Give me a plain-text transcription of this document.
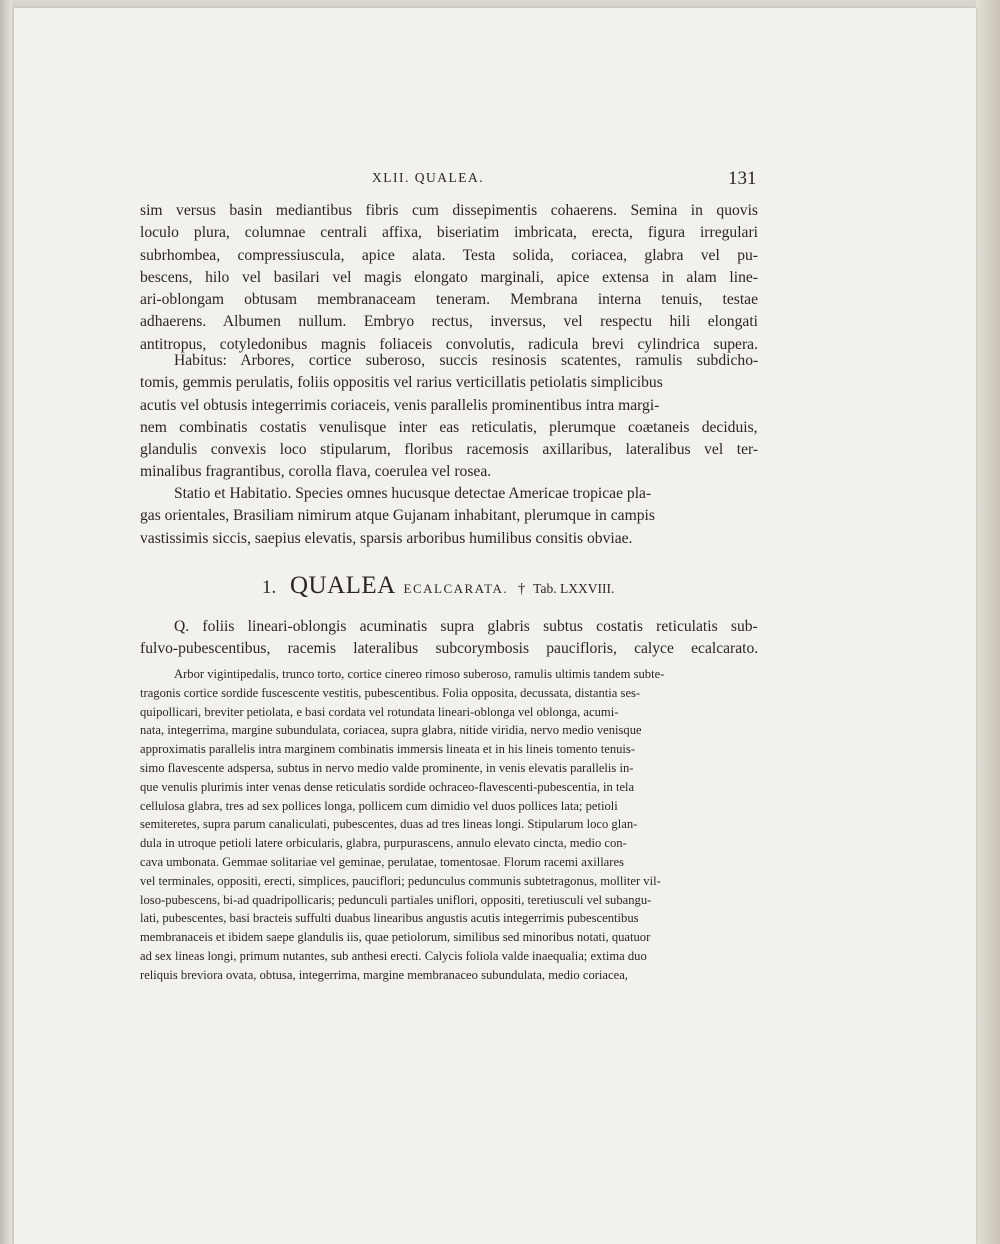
XLII. QUALEA.	131
sim versus basin mediantibus fibris cum dissepimentis cohaerens. Semina in quovis
loculo plura, columnae centrali affixa, biseriatim imbricata, erecta, figura irregulari
subrhombea, compressiuscula, apice alata. Testa solida, coriacea, glabra vel pu-
bescens, hilo vel basilari vel magis elongato marginali, apice extensa in alam line-
ari-oblongam obtusam membranaceam teneram. Membrana interna tenuis, testae
adhaerens. Albumen nullum. Embryo rectus, inversus, vel respectu hili elongati
antitropus, cotyledonibus magnis foliaceis convolutis, radicula brevi cylindrica supera.
Habitus: Arbores, cortice suberoso, succis resinosis scatentes, ramulis subdicho-
tomis, gemmis perulatis, foliis oppositis vel rarius verticillatis petiolatis simplicibus
acutis vel obtusis integerrimis coriaceis, venis parallelis prominentibus intra margi-
nem combinatis costatis venulisque inter eas reticulatis, plerumque coætaneis deciduis,
glandulis convexis loco stipularum, floribus racemosis axillaribus, lateralibus vel ter-
minalibus fragrantibus, corolla flava, coerulea vel rosea.
Statio et Habitatio. Species omnes hucusque detectae Americae tropicae pla-
gas orientales, Brasiliam nimirum atque Gujanam inhabitant, plerumque in campis
vastissimis siccis, saepius elevatis, sparsis arboribus humilibus consitis obviae.
1. QUALEA ECALCARATA. † Tab. LXXVIII.
Q. foliis lineari-oblongis acuminatis supra glabris subtus costatis reticulatis sub-
fulvo-pubescentibus, racemis lateralibus subcorymbosis paucifloris, calyce ecalcarato.
Arbor vigintipedalis, trunco torto, cortice cinereo rimoso suberoso, ramulis ultimis tandem subte-
tragonis cortice sordide fuscescente vestitis, pubescentibus. Folia opposita, decussata, distantia ses-
quipollicari, breviter petiolata, e basi cordata vel rotundata lineari-oblonga vel oblonga, acumi-
nata, integerrima, margine subundulata, coriacea, supra glabra, nitide viridia, nervo medio venisque
approximatis parallelis intra marginem combinatis immersis lineata et in his lineis tomento tenuis-
simo flavescente adspersa, subtus in nervo medio valde prominente, in venis elevatis parallelis in-
que venulis plurimis inter venas dense reticulatis sordide ochraceo-flavescenti-pubescentia, in tela
cellulosa glabra, tres ad sex pollices longa, pollicem cum dimidio vel duos pollices lata; petioli
semiteretes, supra parum canaliculati, pubescentes, duas ad tres lineas longi. Stipularum loco glan-
dula in utroque petioli latere orbicularis, glabra, purpurascens, annulo elevato cincta, medio con-
cava umbonata. Gemmae solitariae vel geminae, perulatae, tomentosae. Florum racemi axillares
vel terminales, oppositi, erecti, simplices, pauciflori; pedunculus communis subtetragonus, molliter vil-
loso-pubescens, bi-ad quadripollicaris; pedunculi partiales uniflori, oppositi, teretiusculi vel subangu-
lati, pubescentes, basi bracteis suffulti duabus linearibus angustis acutis integerrimis pubescentibus
membranaceis et ibidem saepe glandulis iis, quae petiolorum, similibus sed minoribus notati, quatuor
ad sex lineas longi, primum nutantes, sub anthesi erecti. Calycis foliola valde inaequalia; extima duo
reliquis breviora ovata, obtusa, integerrima, margine membranaceo subundulata, medio coriacea,
